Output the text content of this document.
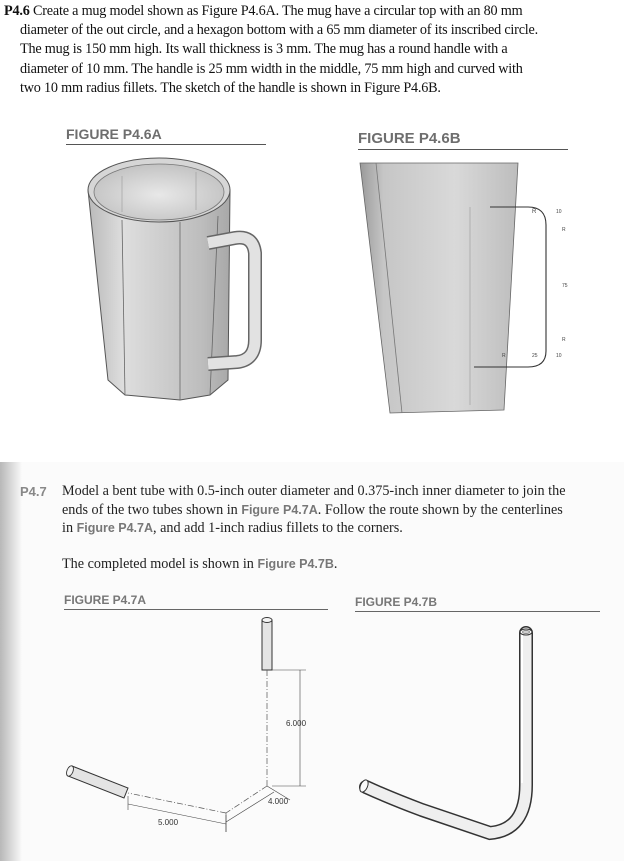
P4.6 Create a mug model shown as Figure P4.6A. The mug have a circular top with an 80 mm
diameter of the out circle, and a hexagon bottom with a 65 mm diameter of its inscribed circle.
The mug is 150 mm high. Its wall thickness is 3 mm. The mug has a round handle with a
diameter of 10 mm. The handle is 25 mm width in the middle, 75 mm high and curved with
two 10 mm radius fillets. The sketch of the handle is shown in Figure P4.6B.
FIGURE P4.6A	FIGURE P4.6B
R	10
R
75
R
25
R	10
P4.7 Model a bent tube with 0.5-inch outer diameter and 0.375-inch inner diameter to join the ends of the two tubes shown in Figure P4.7A. Follow the route shown by the centerlines in Figure P4.7A, and add 1-inch radius fillets to the corners.
The completed model is shown in Figure P4.7B.
FIGURE P4.7A	FIGURE P4.7B
6.000
4.000
5.000
